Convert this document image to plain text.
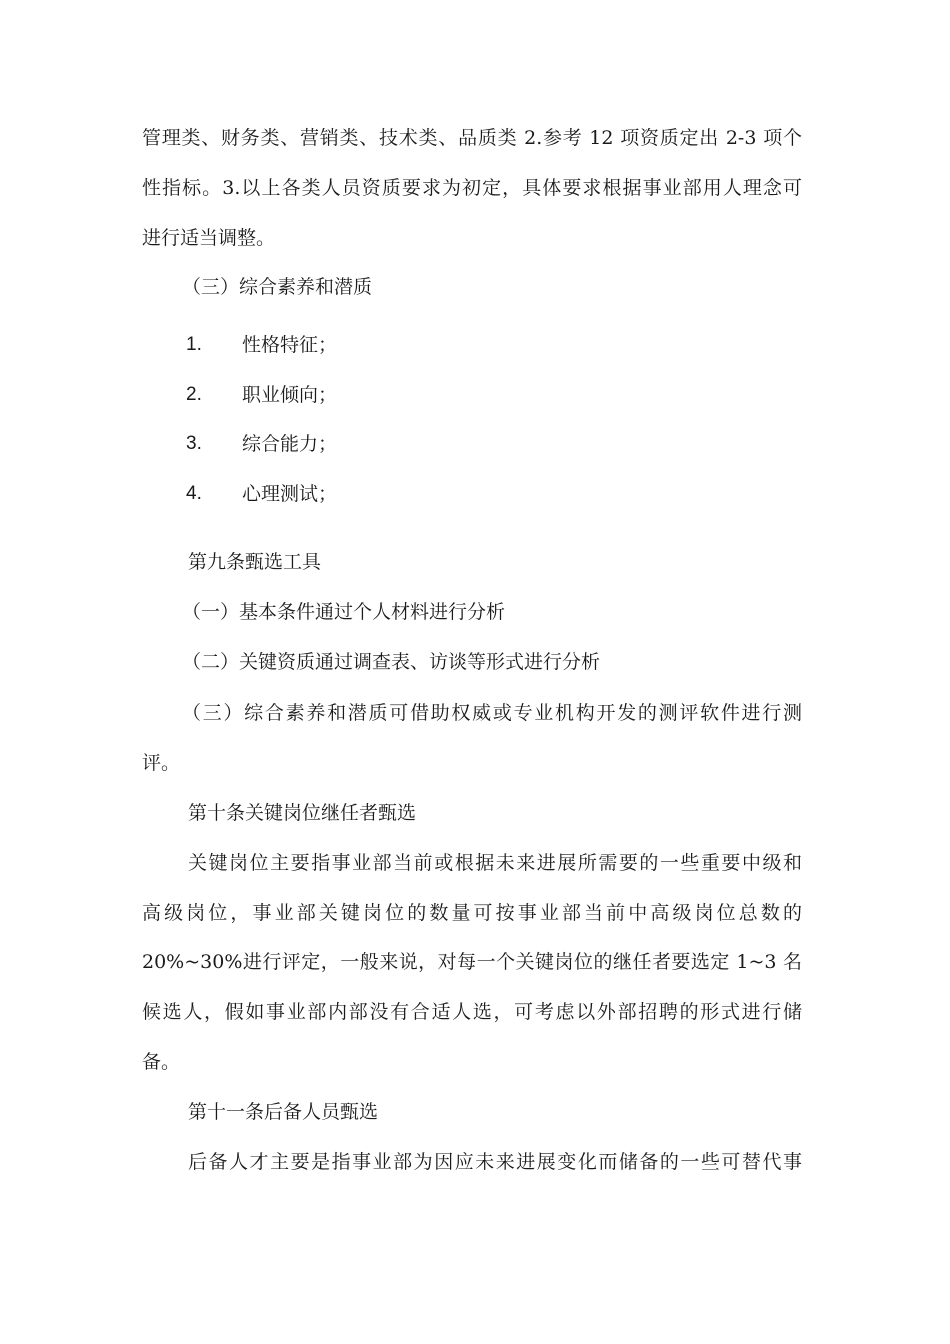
管理类、财务类、营销类、技术类、品质类 2.参考 12 项资质定出 2-3 项个
性指标。3.以上各类人员资质要求为初定，具体要求根据事业部用人理念可
进行适当调整。
（三）综合素养和潜质
1.	性格特征；
2.	职业倾向；
3.	综合能力；
4.	心理测试；
第九条甄选工具
（一）基本条件通过个人材料进行分析
（二）关键资质通过调查表、访谈等形式进行分析
（三）综合素养和潜质可借助权威或专业机构开发的测评软件进行测
评。
第十条关键岗位继任者甄选
关键岗位主要指事业部当前或根据未来进展所需要的一些重要中级和
高级岗位，事业部关键岗位的数量可按事业部当前中高级岗位总数的
20%~30%进行评定，一般来说，对每一个关键岗位的继任者要选定 1~3 名
候选人，假如事业部内部没有合适人选，可考虑以外部招聘的形式进行储
备。
第十一条后备人员甄选
后备人才主要是指事业部为因应未来进展变化而储备的一些可替代事
